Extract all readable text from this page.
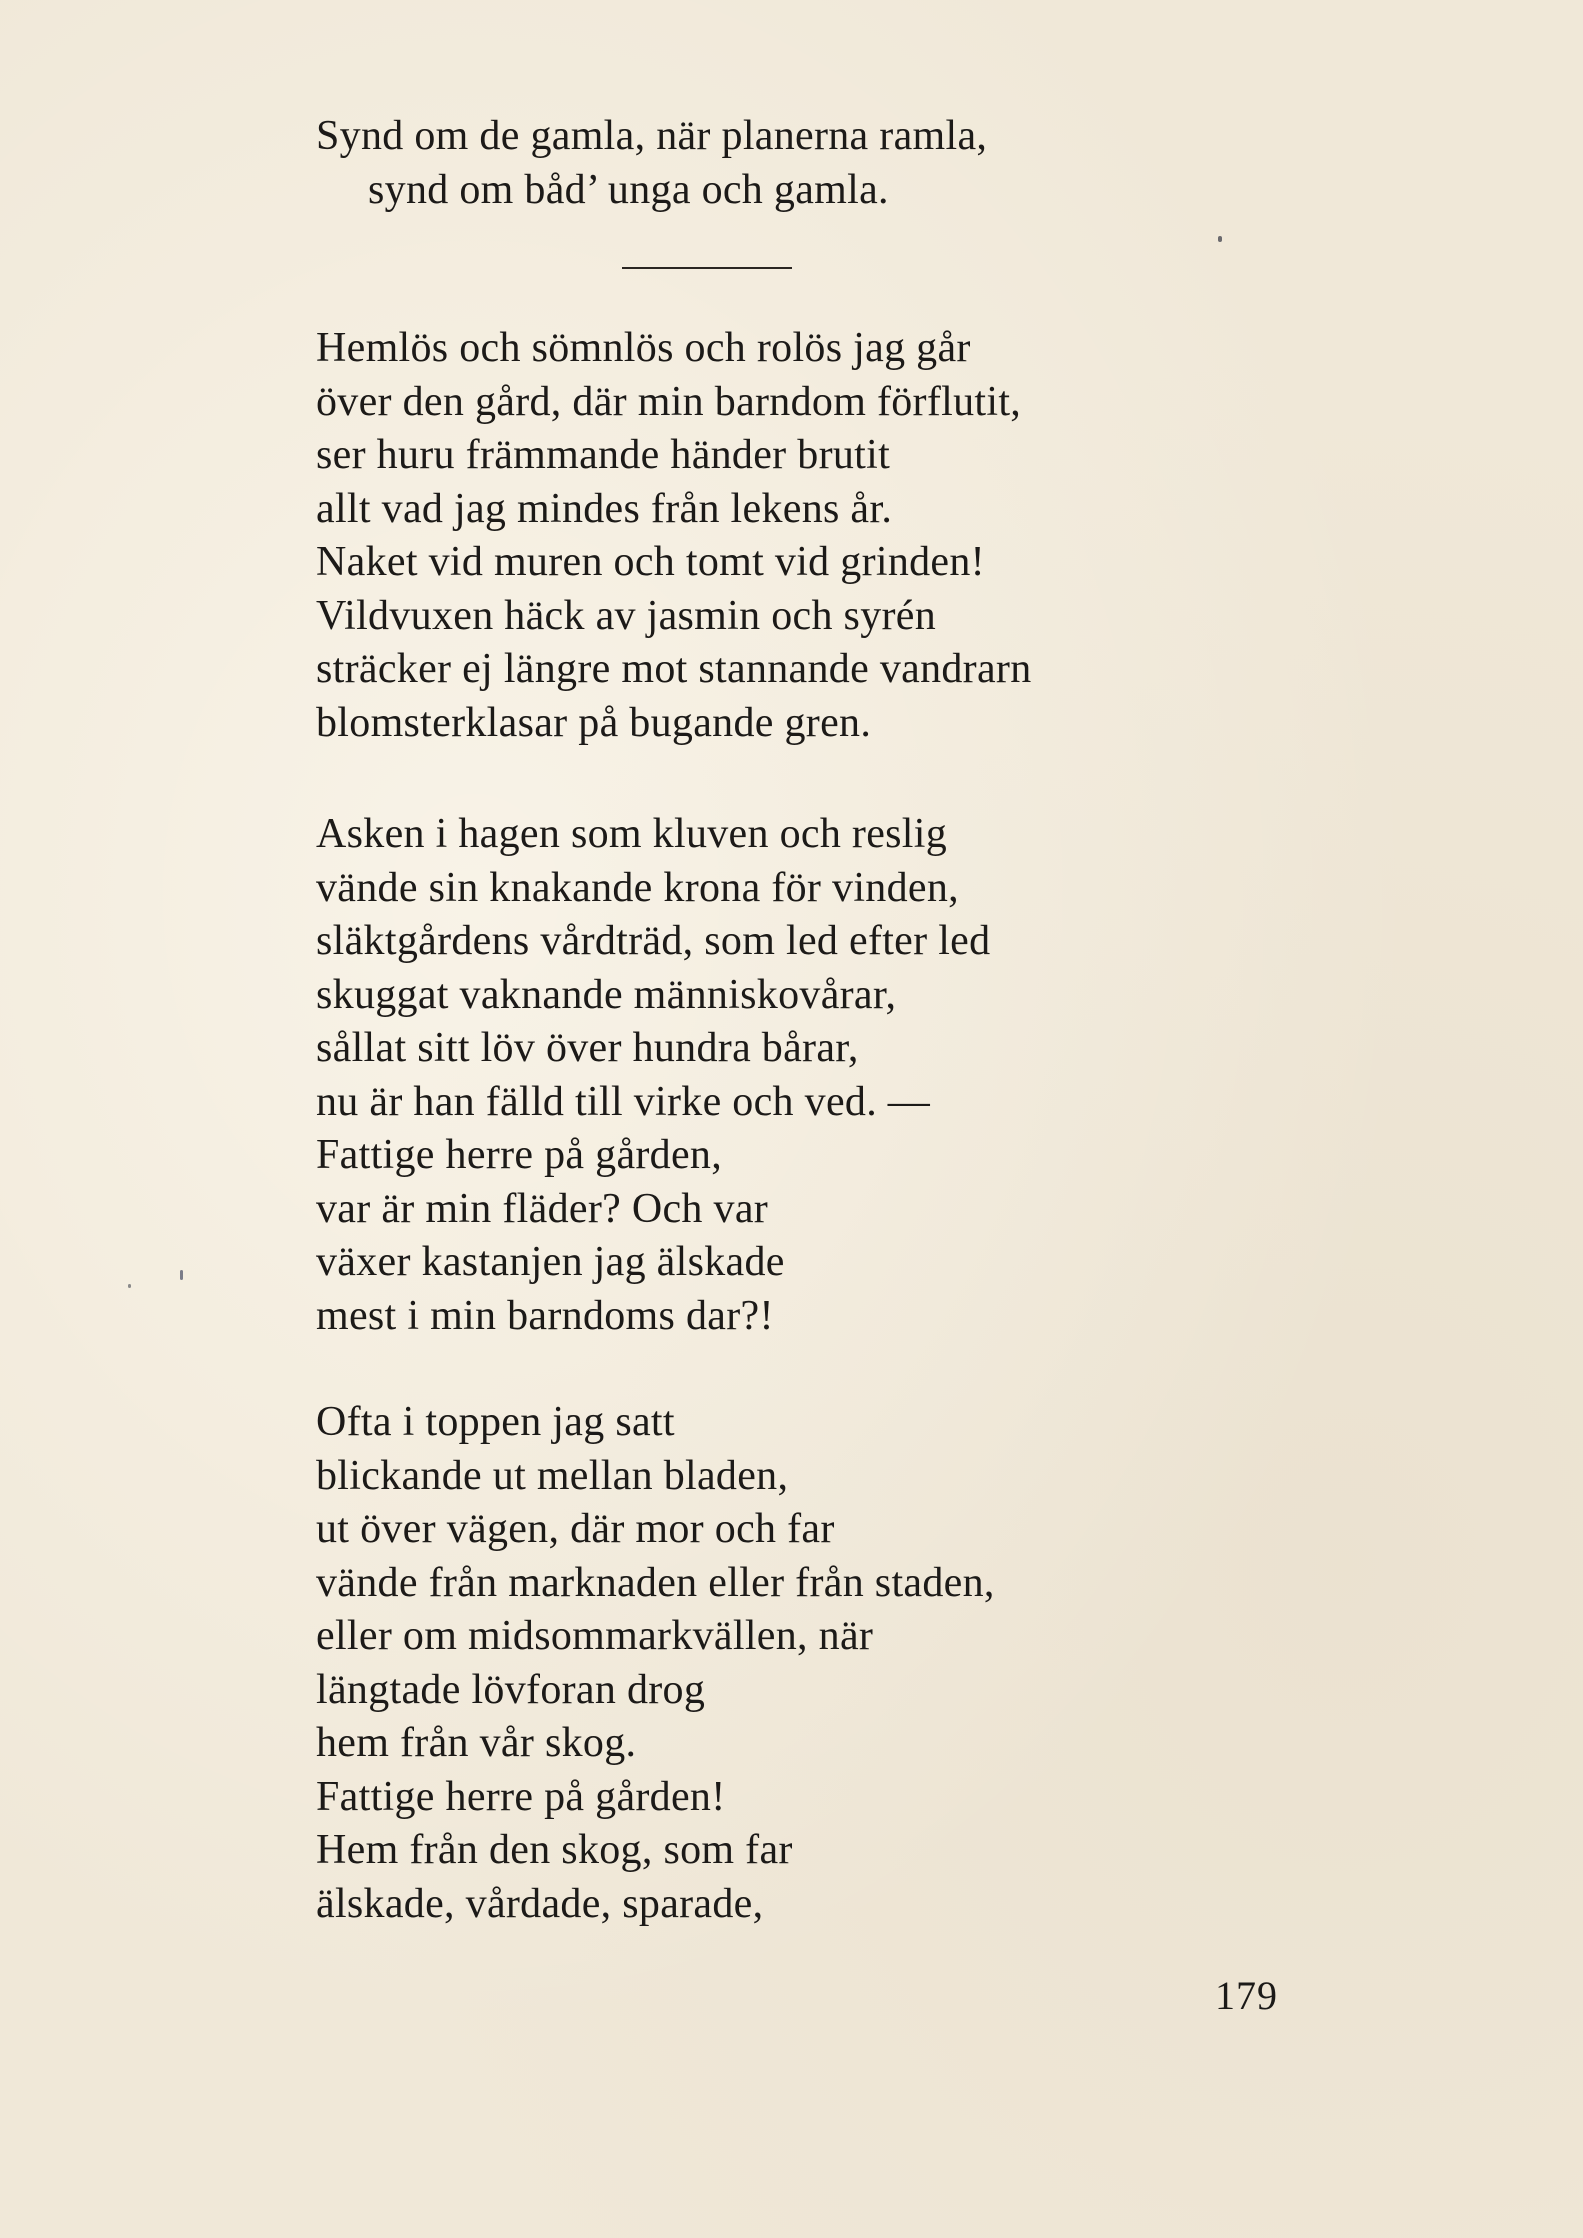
Synd om de gamla, när planerna ramla,
synd om båd’ unga och gamla.
Hemlös och sömnlös och rolös jag går
över den gård, där min barndom förflutit,
ser huru främmande händer brutit
allt vad jag mindes från lekens år.
Naket vid muren och tomt vid grinden!
Vildvuxen häck av jasmin och syrén
sträcker ej längre mot stannande vandrarn
blomsterklasar på bugande gren.
Asken i hagen som kluven och reslig
vände sin knakande krona för vinden,
släktgårdens vårdträd, som led efter led
skuggat vaknande människovårar,
sållat sitt löv över hundra bårar,
nu är han fälld till virke och ved. —
Fattige herre på gården,
var är min fläder? Och var
växer kastanjen jag älskade
mest i min barndoms dar?!
Ofta i toppen jag satt
blickande ut mellan bladen,
ut över vägen, där mor och far
vände från marknaden eller från staden,
eller om midsommarkvällen, när
längtade lövforan drog
hem från vår skog.
Fattige herre på gården!
Hem från den skog, som far
älskade, vårdade, sparade,
179
